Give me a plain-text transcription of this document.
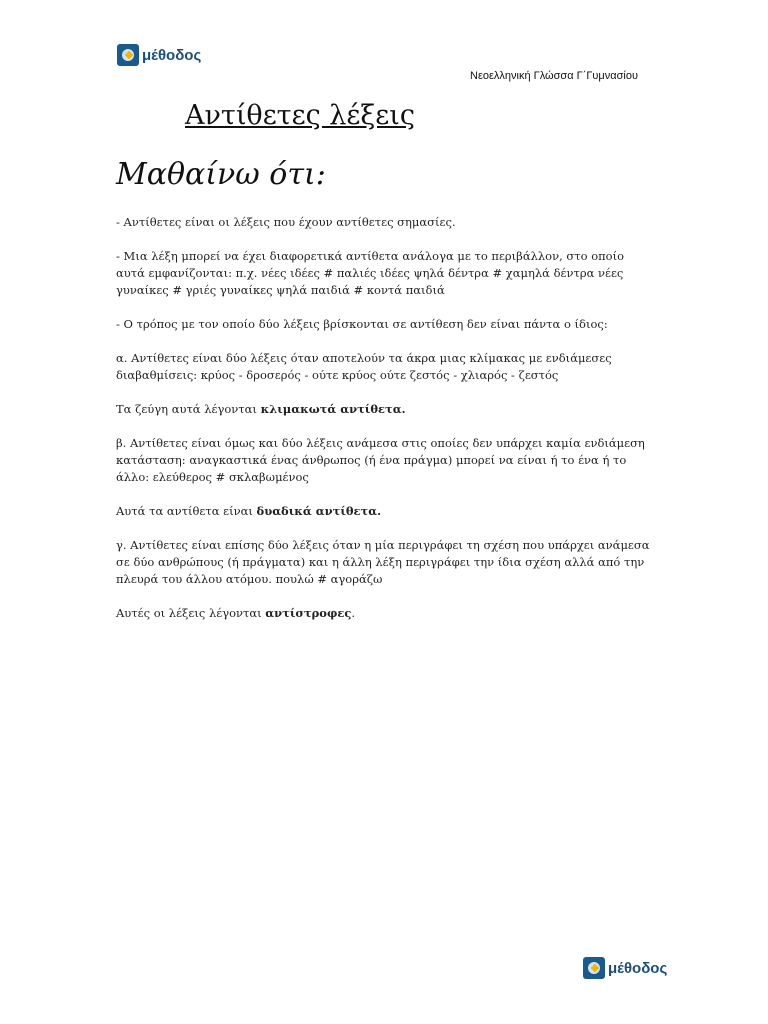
μέθοδος
Νεοελληνική Γλώσσα Γ΄Γυμνασίου
Αντίθετες λέξεις
Μαθαίνω ότι:

- Αντίθετες είναι οι λέξεις που έχουν αντίθετες σημασίες.

- Μια λέξη μπορεί να έχει διαφορετικά αντίθετα ανάλογα με το περιβάλλον, στο οποίο αυτά εμφανίζονται: π.χ. νέες ιδέες # παλιές ιδέες ψηλά δέντρα # χαμηλά δέντρα νέες γυναίκες # γριές γυναίκες ψηλά παιδιά # κοντά παιδιά

- Ο τρόπος με τον οποίο δύο λέξεις βρίσκονται σε αντίθεση δεν είναι πάντα ο ίδιος:

α. Αντίθετες είναι δύο λέξεις όταν αποτελούν τα άκρα μιας κλίμακας με ενδιάμεσες διαβαθμίσεις: κρύος - δροσερός - ούτε κρύος ούτε ζεστός - χλιαρός - ζεστός

Τα ζεύγη αυτά λέγονται κλιμακωτά αντίθετα.

β. Αντίθετες είναι όμως και δύο λέξεις ανάμεσα στις οποίες δεν υπάρχει καμία ενδιάμεση κατάσταση: αναγκαστικά ένας άνθρωπος (ή ένα πράγμα) μπορεί να είναι ή το ένα ή το άλλο: ελεύθερος # σκλαβωμένος

Αυτά τα αντίθετα είναι δυαδικά αντίθετα.

γ. Αντίθετες είναι επίσης δύο λέξεις όταν η μία περιγράφει τη σχέση που υπάρχει ανάμεσα σε δύο ανθρώπους (ή πράγματα) και η άλλη λέξη περιγράφει την ίδια σχέση αλλά από την πλευρά του άλλου ατόμου. πουλώ # αγοράζω

Αυτές οι λέξεις λέγονται αντίστροφες.

μέθοδος
